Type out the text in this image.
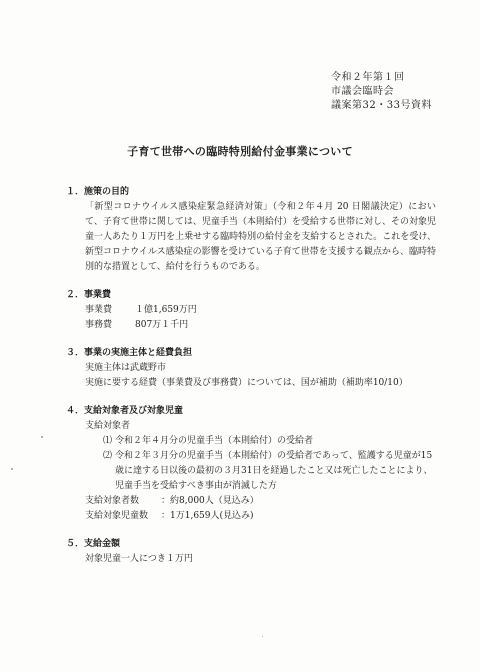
令和２年第１回
市議会臨時会
議案第32・33号資料
子育て世帯への臨時特別給付金事業について
１．施策の目的
「新型コロナウイルス感染症緊急経済対策」（令和２年４月 20 日閣議決定）において、子育て世帯に関しては、児童手当（本則給付）を受給する世帯に対し、その対象児童一人あたり１万円を上乗せする臨時特別の給付金を支給するとされた。これを受け、新型コロナウイルス感染症の影響を受けている子育て世帯を支援する観点から、臨時特別的な措置として、給付を行うものである。
２．事業費
事業費	１億1,659万円
事務費	807万１千円
３．事業の実施主体と経費負担
実施主体は武蔵野市
実施に要する経費（事業費及び事務費）については、国が補助（補助率10/10）
４．支給対象者及び対象児童
支給対象者
⑴ 令和２年４月分の児童手当（本則給付）の受給者
⑵ 令和２年３月分の児童手当（本則給付）の受給者であって、監護する児童が15
歳に達する日以後の最初の３月31日を経過したこと又は死亡したことにより、
児童手当を受給すべき事由が消滅した方
支給対象者数 ：約8,000人（見込み）
支給対象児童数 ：1万1,659人(見込み)
５．支給金額
対象児童一人につき１万円
